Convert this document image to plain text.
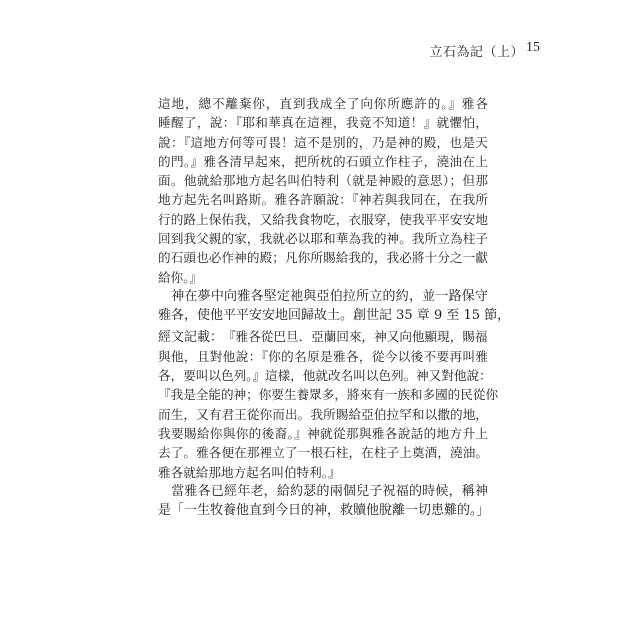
立石為記（上） 15
這地，總不離棄你，直到我成全了向你所應許的。』雅各
睡醒了，說：『耶和華真在這裡，我竟不知道！』就懼怕，
說：『這地方何等可畏！這不是別的，乃是神的殿，也是天
的門。』雅各清早起來，把所枕的石頭立作柱子，澆油在上
面。他就給那地方起名叫伯特利（就是神殿的意思）；但那
地方起先名叫路斯。雅各許願說：『神若與我同在，在我所
行的路上保佑我，又給我食物吃，衣服穿，使我平平安安地
回到我父親的家，我就必以耶和華為我的神。我所立為柱子
的石頭也必作神的殿；凡你所賜給我的，我必將十分之一獻
給你。』
　神在夢中向雅各堅定祂與亞伯拉所立的約，並一路保守
雅各，使他平平安安地回歸故土。創世記 35 章 9 至 15 節，
經文記載：『雅各從巴旦．亞蘭回來，神又向他顯現，賜福
與他，且對他說：『你的名原是雅各，從今以後不要再叫雅
各，要叫以色列。』這樣，他就改名叫以色列。神又對他說：
『我是全能的神；你要生養眾多，將來有一族和多國的民從你
而生，又有君王從你而出。我所賜給亞伯拉罕和以撒的地，
我要賜給你與你的後裔。』神就從那與雅各說話的地方升上
去了。雅各便在那裡立了一根石柱，在柱子上奠酒，澆油。
雅各就給那地方起名叫伯特利。』
　當雅各已經年老，給約瑟的兩個兒子祝福的時候，稱神
是「一生牧養他直到今日的神，救贖他脫離一切患難的。」
